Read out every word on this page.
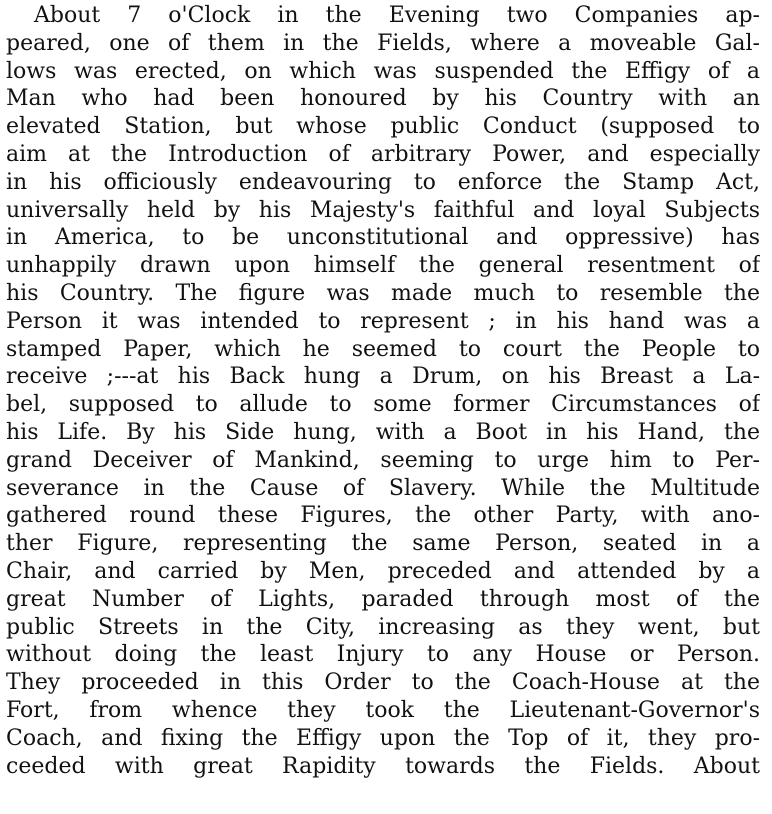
About 7 o'Clock in the Evening two Companies ap-
peared, one of them in the Fields, where a moveable Gal-
lows was erected, on which was suspended the Effigy of a
Man who had been honoured by his Country with an
elevated Station, but whose public Conduct (supposed to
aim at the Introduction of arbitrary Power, and especially
in his officiously endeavouring to enforce the Stamp Act,
universally held by his Majesty's faithful and loyal Subjects
in America, to be unconstitutional and oppressive) has
unhappily drawn upon himself the general resentment of
his Country. The figure was made much to resemble the
Person it was intended to represent ; in his hand was a
stamped Paper, which he seemed to court the People to
receive ;---at his Back hung a Drum, on his Breast a La-
bel, supposed to allude to some former Circumstances of
his Life. By his Side hung, with a Boot in his Hand, the
grand Deceiver of Mankind, seeming to urge him to Per-
severance in the Cause of Slavery. While the Multitude
gathered round these Figures, the other Party, with ano-
ther Figure, representing the same Person, seated in a
Chair, and carried by Men, preceded and attended by a
great Number of Lights, paraded through most of the
public Streets in the City, increasing as they went, but
without doing the least Injury to any House or Person.
They proceeded in this Order to the Coach-House at the
Fort, from whence they took the Lieutenant-Governor's
Coach, and fixing the Effigy upon the Top of it, they pro-
ceeded with great Rapidity towards the Fields. About
